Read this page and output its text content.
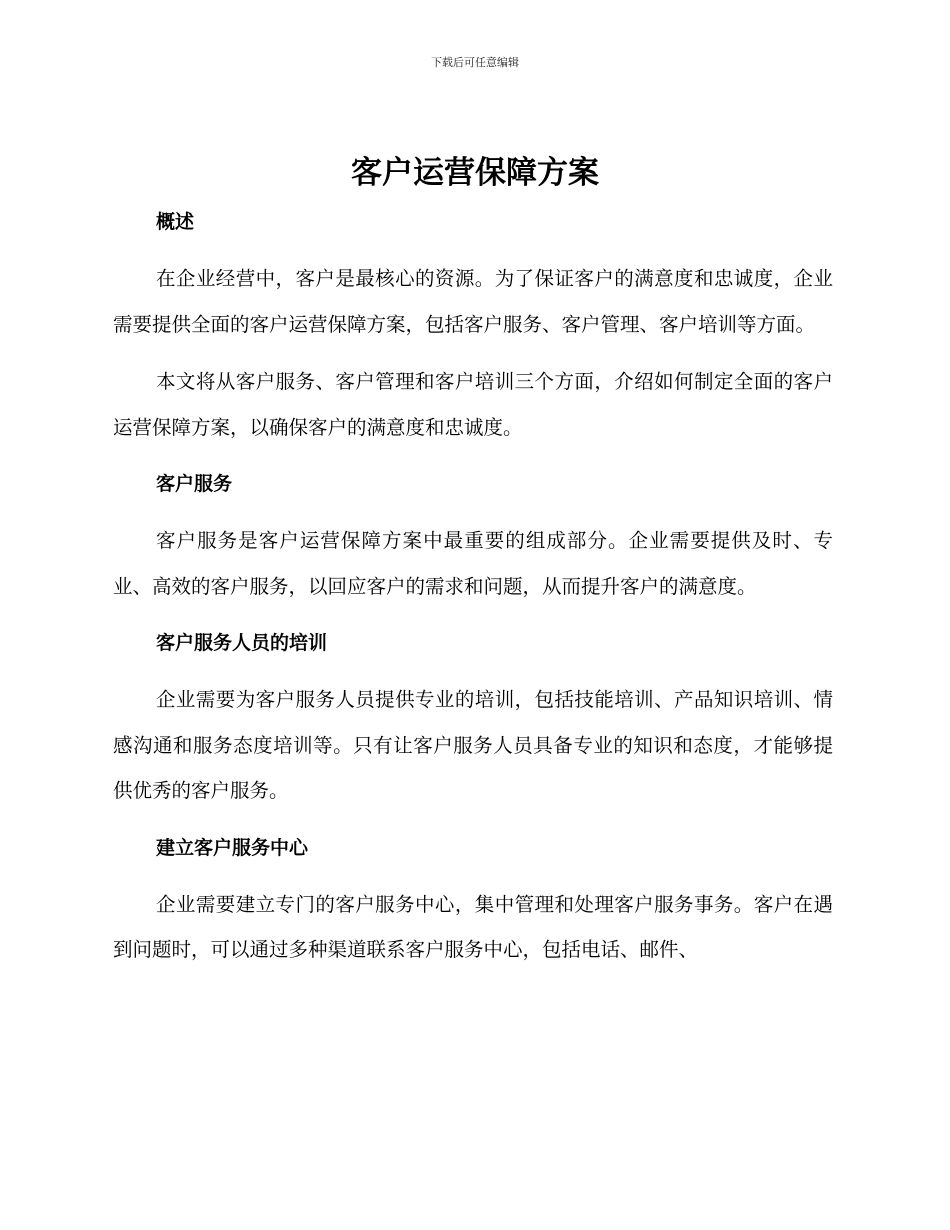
下载后可任意编辑
客户运营保障方案
概述

在企业经营中，客户是最核心的资源。为了保证客户的满意度和忠诚度，企业需要提供全面的客户运营保障方案，包括客户服务、客户管理、客户培训等方面。

本文将从客户服务、客户管理和客户培训三个方面，介绍如何制定全面的客户运营保障方案，以确保客户的满意度和忠诚度。

客户服务

客户服务是客户运营保障方案中最重要的组成部分。企业需要提供及时、专业、高效的客户服务，以回应客户的需求和问题，从而提升客户的满意度。

客户服务人员的培训

企业需要为客户服务人员提供专业的培训，包括技能培训、产品知识培训、情感沟通和服务态度培训等。只有让客户服务人员具备专业的知识和态度，才能够提供优秀的客户服务。

建立客户服务中心

企业需要建立专门的客户服务中心，集中管理和处理客户服务事务。客户在遇到问题时，可以通过多种渠道联系客户服务中心，包括电话、邮件、
